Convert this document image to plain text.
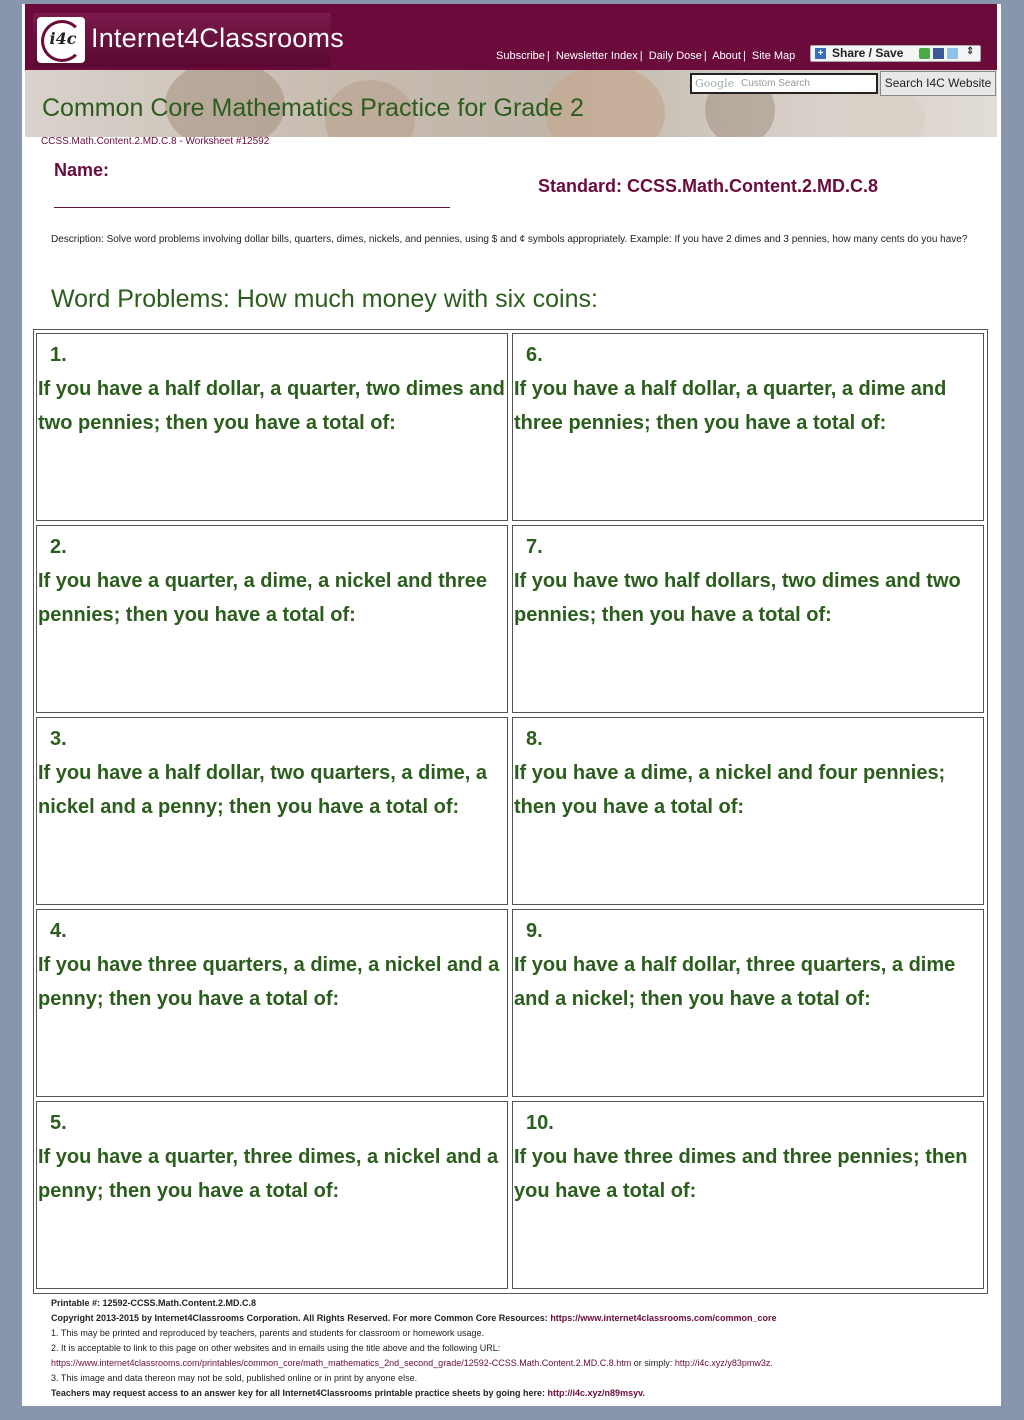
i4c Internet4Classrooms
Subscribe | Newsletter Index | Daily Dose | About | Site Map + Share / Save	⇕
Google Custom Search	Search I4C Website
Common Core Mathematics Practice for Grade 2
CCSS.Math.Content.2.MD.C.8 - Worksheet #12592
Name:
Standard: CCSS.Math.Content.2.MD.C.8
Description: Solve word problems involving dollar bills, quarters, dimes, nickels, and pennies, using $ and ¢ symbols appropriately. Example: If you have 2 dimes and 3 pennies, how many cents do you have?
Word Problems: How much money with six coins:
1.
If you have a half dollar, a quarter, two dimes and two pennies; then you have a total of:
6.
If you have a half dollar, a quarter, a dime and three pennies; then you have a total of:
2.
If you have a quarter, a dime, a nickel and three pennies; then you have a total of:
7.
If you have two half dollars, two dimes and two pennies; then you have a total of:
3.
If you have a half dollar, two quarters, a dime, a nickel and a penny; then you have a total of:
8.
If you have a dime, a nickel and four pennies; then you have a total of:
4.
If you have three quarters, a dime, a nickel and a penny; then you have a total of:
9.
If you have a half dollar, three quarters, a dime and a nickel; then you have a total of:
5.
If you have a quarter, three dimes, a nickel and a penny; then you have a total of:
10.
If you have three dimes and three pennies; then you have a total of:
Printable #: 12592-CCSS.Math.Content.2.MD.C.8
Copyright 2013-2015 by Internet4Classrooms Corporation. All Rights Reserved. For more Common Core Resources: https://www.internet4classrooms.com/common_core
1. This may be printed and reproduced by teachers, parents and students for classroom or homework usage.
2. It is acceptable to link to this page on other websites and in emails using the title above and the following URL:
https://www.internet4classrooms.com/printables/common_core/math_mathematics_2nd_second_grade/12592-CCSS.Math.Content.2.MD.C.8.htm or simply: http://i4c.xyz/y83pmw3z.
3. This image and data thereon may not be sold, published online or in print by anyone else.
Teachers may request access to an answer key for all Internet4Classrooms printable practice sheets by going here: http://i4c.xyz/n89msyv.
